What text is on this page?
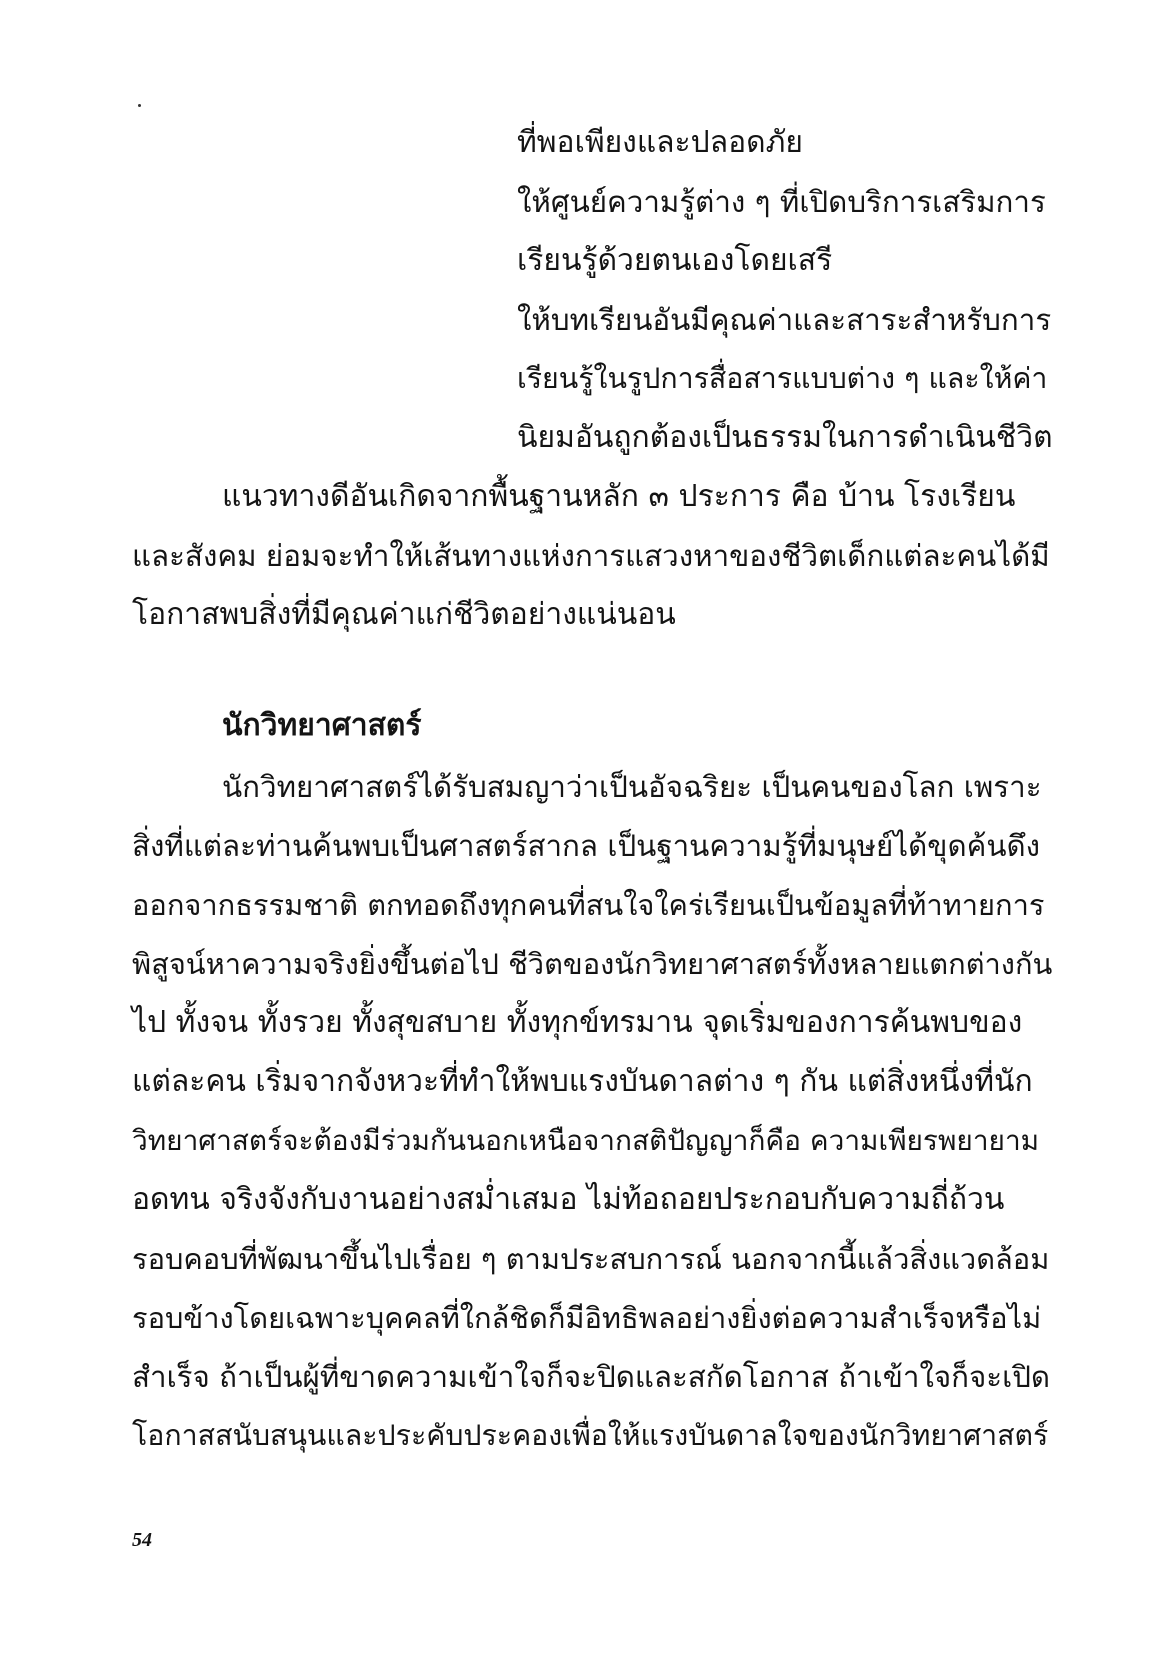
ที่พอเพียงและปลอดภัย
ให้ศูนย์ความรู้ต่าง ๆ ที่เปิดบริการเสริมการ
เรียนรู้ด้วยตนเองโดยเสรี
ให้บทเรียนอันมีคุณค่าและสาระสำหรับการ
เรียนรู้ในรูปการสื่อสารแบบต่าง ๆ และให้ค่า
นิยมอันถูกต้องเป็นธรรมในการดำเนินชีวิต
แนวทางดีอันเกิดจากพื้นฐานหลัก ๓ ประการ คือ บ้าน โรงเรียน
และสังคม ย่อมจะทำให้เส้นทางแห่งการแสวงหาของชีวิตเด็กแต่ละคนได้มี
โอกาสพบสิ่งที่มีคุณค่าแก่ชีวิตอย่างแน่นอน
นักวิทยาศาสตร์
นักวิทยาศาสตร์ได้รับสมญาว่าเป็นอัจฉริยะ เป็นคนของโลก เพราะ
สิ่งที่แต่ละท่านค้นพบเป็นศาสตร์สากล เป็นฐานความรู้ที่มนุษย์ได้ขุดค้นดึง
ออกจากธรรมชาติ ตกทอดถึงทุกคนที่สนใจใคร่เรียนเป็นข้อมูลที่ท้าทายการ
พิสูจน์หาความจริงยิ่งขึ้นต่อไป ชีวิตของนักวิทยาศาสตร์ทั้งหลายแตกต่างกัน
ไป ทั้งจน ทั้งรวย ทั้งสุขสบาย ทั้งทุกข์ทรมาน จุดเริ่มของการค้นพบของ
แต่ละคน เริ่มจากจังหวะที่ทำให้พบแรงบันดาลต่าง ๆ กัน แต่สิ่งหนึ่งที่นัก
วิทยาศาสตร์จะต้องมีร่วมกันนอกเหนือจากสติปัญญาก็คือ ความเพียรพยายาม
อดทน จริงจังกับงานอย่างสม่ำเสมอ ไม่ท้อถอยประกอบกับความถี่ถ้วน
รอบคอบที่พัฒนาขึ้นไปเรื่อย ๆ ตามประสบการณ์ นอกจากนี้แล้วสิ่งแวดล้อม
รอบข้างโดยเฉพาะบุคคลที่ใกล้ชิดก็มีอิทธิพลอย่างยิ่งต่อความสำเร็จหรือไม่
สำเร็จ ถ้าเป็นผู้ที่ขาดความเข้าใจก็จะปิดและสกัดโอกาส ถ้าเข้าใจก็จะเปิด
โอกาสสนับสนุนและประคับประคองเพื่อให้แรงบันดาลใจของนักวิทยาศาสตร์
54
